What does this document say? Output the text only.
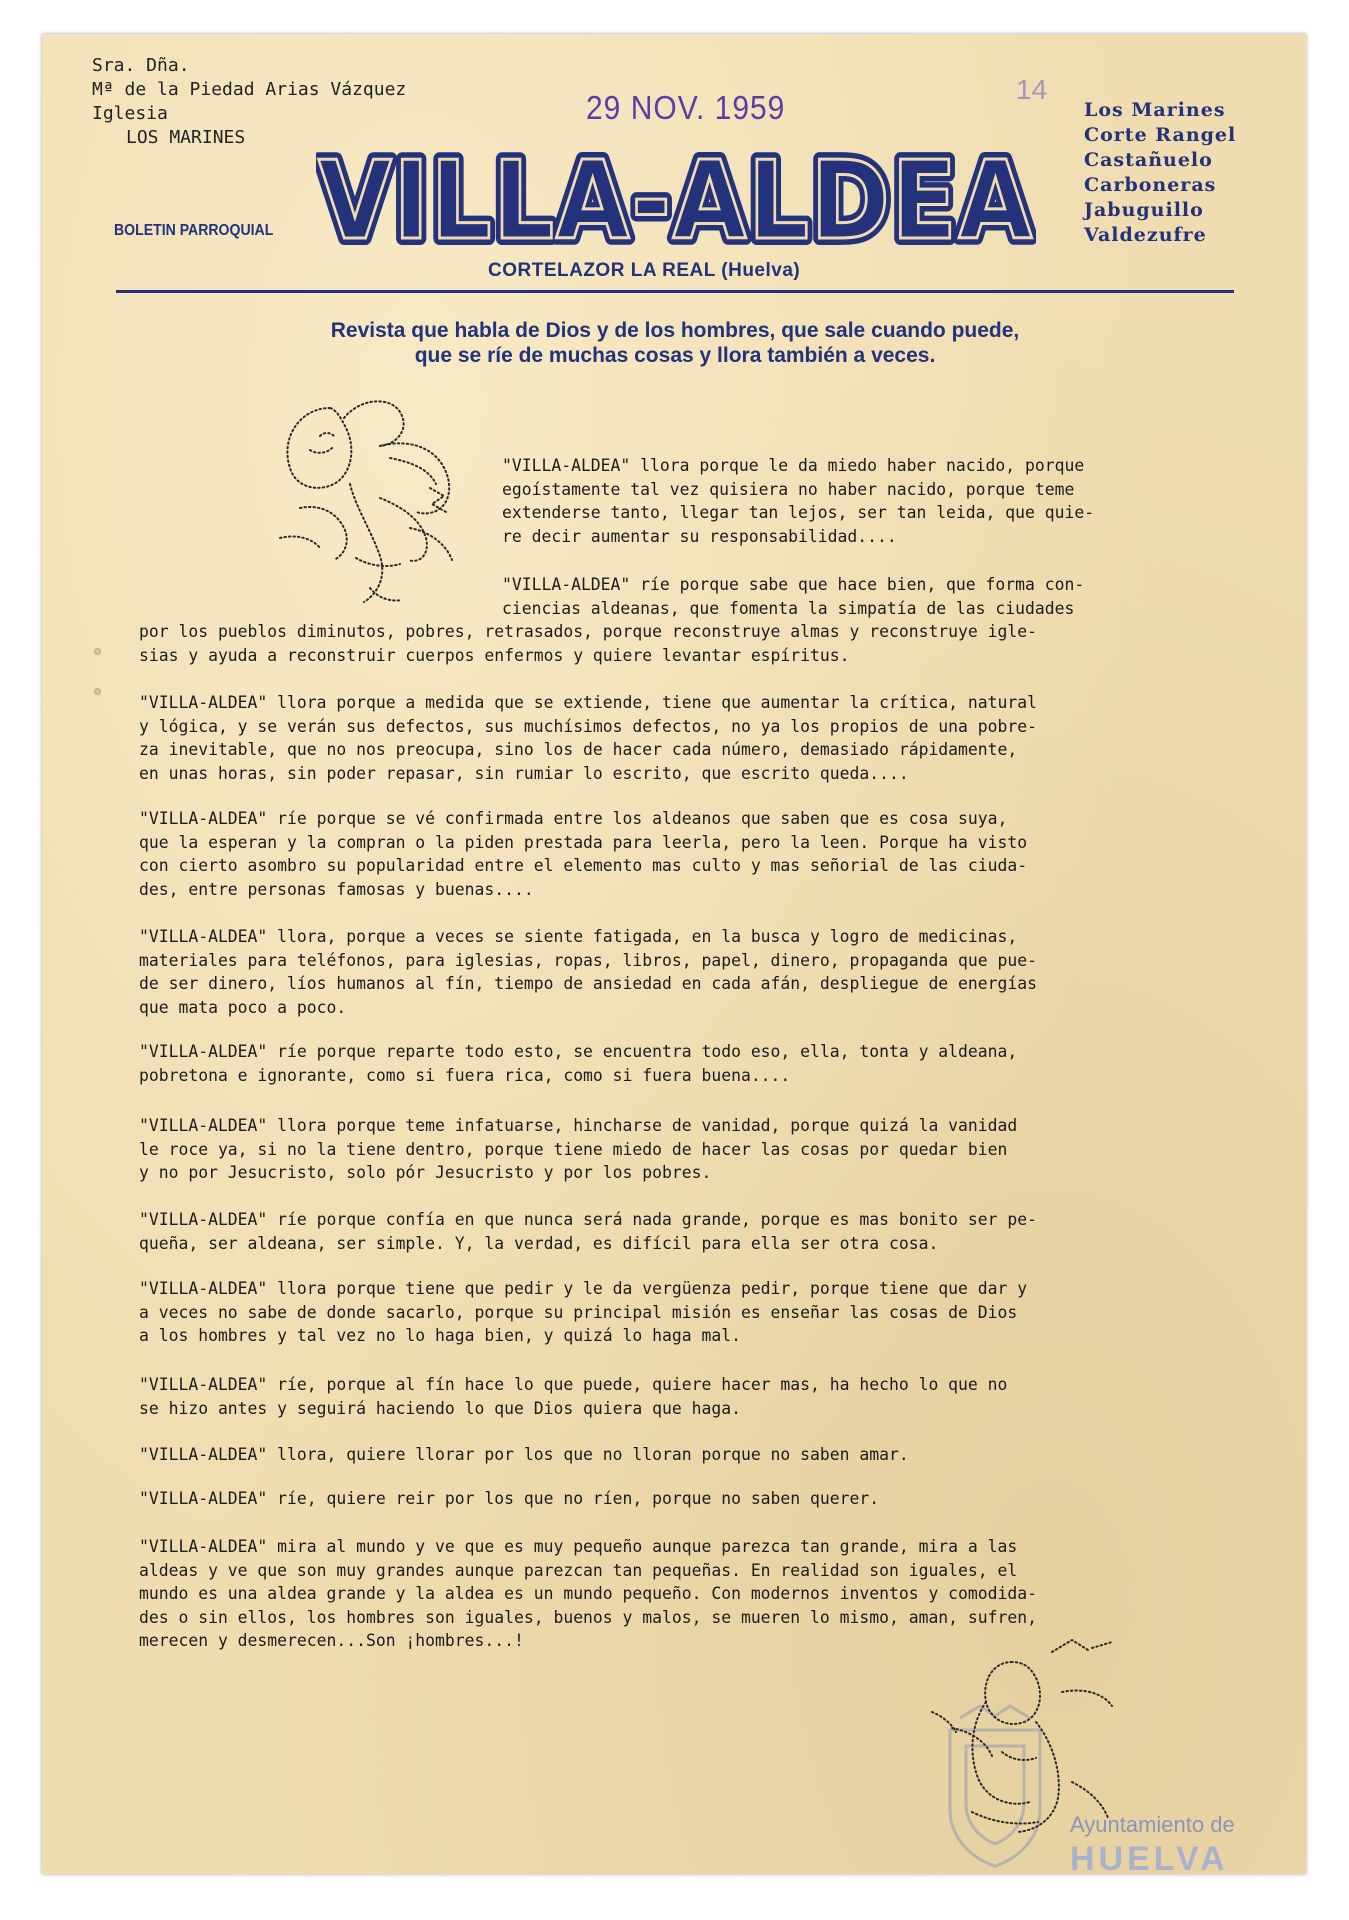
Sra. Dña.
Mª de la Piedad Arias Vázquez
Iglesia
LOS MARINES
29 NOV. 1959
14
Los Marines
Corte Rangel
Castañuelo
Carboneras
Jabuguillo
Valdezufre
BOLETIN PARROQUIAL VILLA-ALDEA
VILLA-ALDEA
CORTELAZOR LA REAL (Huelva)
Revista que habla de Dios y de los hombres, que sale cuando puede,
que se ríe de muchas cosas y llora también a veces.
"VILLA-ALDEA" llora porque le da miedo haber nacido, porque
egoístamente tal vez quisiera no haber nacido, porque teme
extenderse tanto, llegar tan lejos, ser tan leida, que quie-
re decir aumentar su responsabilidad....
"VILLA-ALDEA" ríe porque sabe que hace bien, que forma con-
ciencias aldeanas, que fomenta la simpatía de las ciudades
por los pueblos diminutos, pobres, retrasados, porque reconstruye almas y reconstruye igle-
sias y ayuda a reconstruir cuerpos enfermos y quiere levantar espíritus.
"VILLA-ALDEA" llora porque a medida que se extiende, tiene que aumentar la crítica, natural
y lógica, y se verán sus defectos, sus muchísimos defectos, no ya los propios de una pobre-
za inevitable, que no nos preocupa, sino los de hacer cada número, demasiado rápidamente,
en unas horas, sin poder repasar, sin rumiar lo escrito, que escrito queda....
"VILLA-ALDEA" ríe porque se vé confirmada entre los aldeanos que saben que es cosa suya,
que la esperan y la compran o la piden prestada para leerla, pero la leen. Porque ha visto
con cierto asombro su popularidad entre el elemento mas culto y mas señorial de las ciuda-
des, entre personas famosas y buenas....
"VILLA-ALDEA" llora, porque a veces se siente fatigada, en la busca y logro de medicinas,
materiales para teléfonos, para iglesias, ropas, libros, papel, dinero, propaganda que pue-
de ser dinero, líos humanos al fín, tiempo de ansiedad en cada afán, despliegue de energías
que mata poco a poco.
"VILLA-ALDEA" ríe porque reparte todo esto, se encuentra todo eso, ella, tonta y aldeana,
pobretona e ignorante, como si fuera rica, como si fuera buena....
"VILLA-ALDEA" llora porque teme infatuarse, hincharse de vanidad, porque quizá la vanidad
le roce ya, si no la tiene dentro, porque tiene miedo de hacer las cosas por quedar bien
y no por Jesucristo, solo pór Jesucristo y por los pobres.
"VILLA-ALDEA" ríe porque confía en que nunca será nada grande, porque es mas bonito ser pe-
queña, ser aldeana, ser simple. Y, la verdad, es difícil para ella ser otra cosa.
"VILLA-ALDEA" llora porque tiene que pedir y le da vergüenza pedir, porque tiene que dar y
a veces no sabe de donde sacarlo, porque su principal misión es enseñar las cosas de Dios
a los hombres y tal vez no lo haga bien, y quizá lo haga mal.
"VILLA-ALDEA" ríe, porque al fín hace lo que puede, quiere hacer mas, ha hecho lo que no
se hizo antes y seguirá haciendo lo que Dios quiera que haga.
"VILLA-ALDEA" llora, quiere llorar por los que no lloran porque no saben amar.
"VILLA-ALDEA" ríe, quiere reir por los que no ríen, porque no saben querer.
"VILLA-ALDEA" mira al mundo y ve que es muy pequeño aunque parezca tan grande, mira a las
aldeas y ve que son muy grandes aunque parezcan tan pequeñas. En realidad son iguales, el
mundo es una aldea grande y la aldea es un mundo pequeño. Con modernos inventos y comodida-
des o sin ellos, los hombres son iguales, buenos y malos, se mueren lo mismo, aman, sufren,
merecen y desmerecen...Son ¡hombres...!
Ayuntamiento de
HUELVA
